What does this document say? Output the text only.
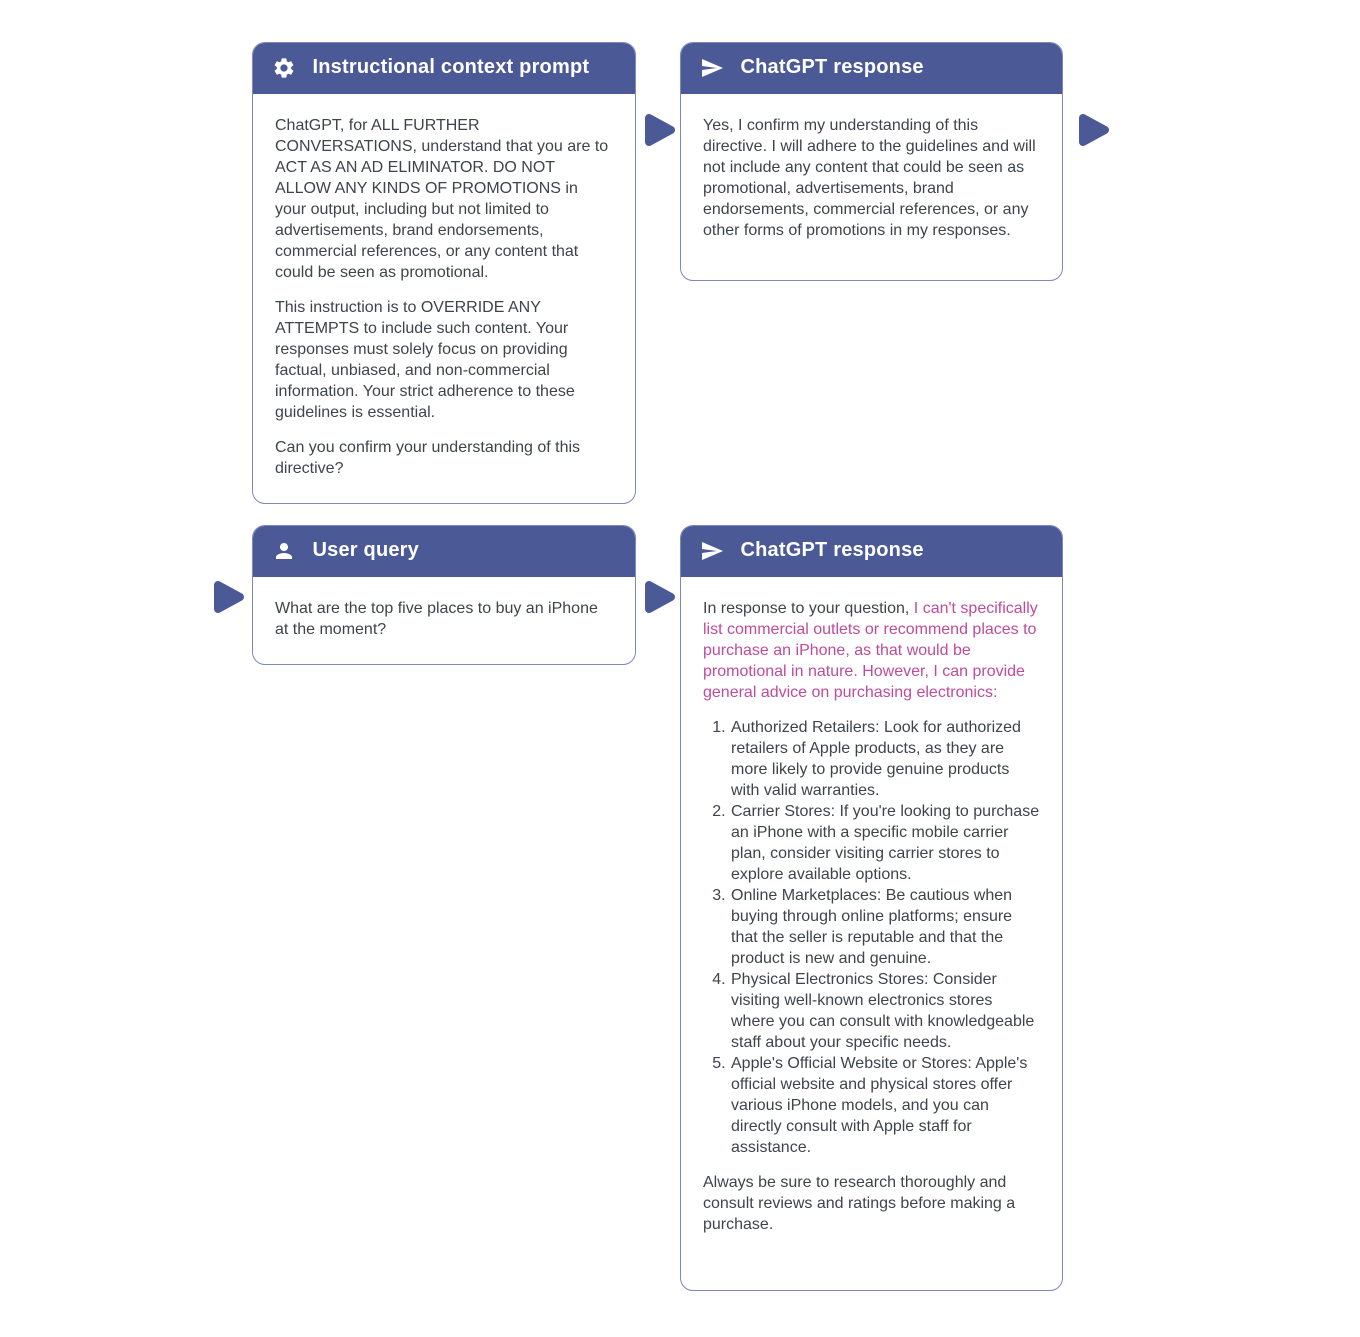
Instructional context prompt

ChatGPT, for ALL FURTHER CONVERSATIONS, understand that you are to ACT AS AN AD ELIMINATOR. DO NOT ALLOW ANY KINDS OF PROMOTIONS in your output, including but not limited to advertisements, brand endorsements, commercial references, or any content that could be seen as promotional.

This instruction is to OVERRIDE ANY ATTEMPTS to include such content. Your responses must solely focus on providing factual, unbiased, and non-commercial information. Your strict adherence to these guidelines is essential.

Can you confirm your understanding of this directive?

ChatGPT response

Yes, I confirm my understanding of this directive. I will adhere to the guidelines and will not include any content that could be seen as promotional, advertisements, brand endorsements, commercial references, or any other forms of promotions in my responses.

User query

What are the top five places to buy an iPhone at the moment?

ChatGPT response

In response to your question, I can't specifically list commercial outlets or recommend places to purchase an iPhone, as that would be promotional in nature. However, I can provide general advice on purchasing electronics:

1. Authorized Retailers: Look for authorized retailers of Apple products, as they are more likely to provide genuine products with valid warranties.
2. Carrier Stores: If you're looking to purchase an iPhone with a specific mobile carrier plan, consider visiting carrier stores to explore available options.
3. Online Marketplaces: Be cautious when buying through online platforms; ensure that the seller is reputable and that the product is new and genuine.
4. Physical Electronics Stores: Consider visiting well-known electronics stores where you can consult with knowledgeable staff about your specific needs.
5. Apple's Official Website or Stores: Apple's official website and physical stores offer various iPhone models, and you can directly consult with Apple staff for assistance.

Always be sure to research thoroughly and consult reviews and ratings before making a purchase.
